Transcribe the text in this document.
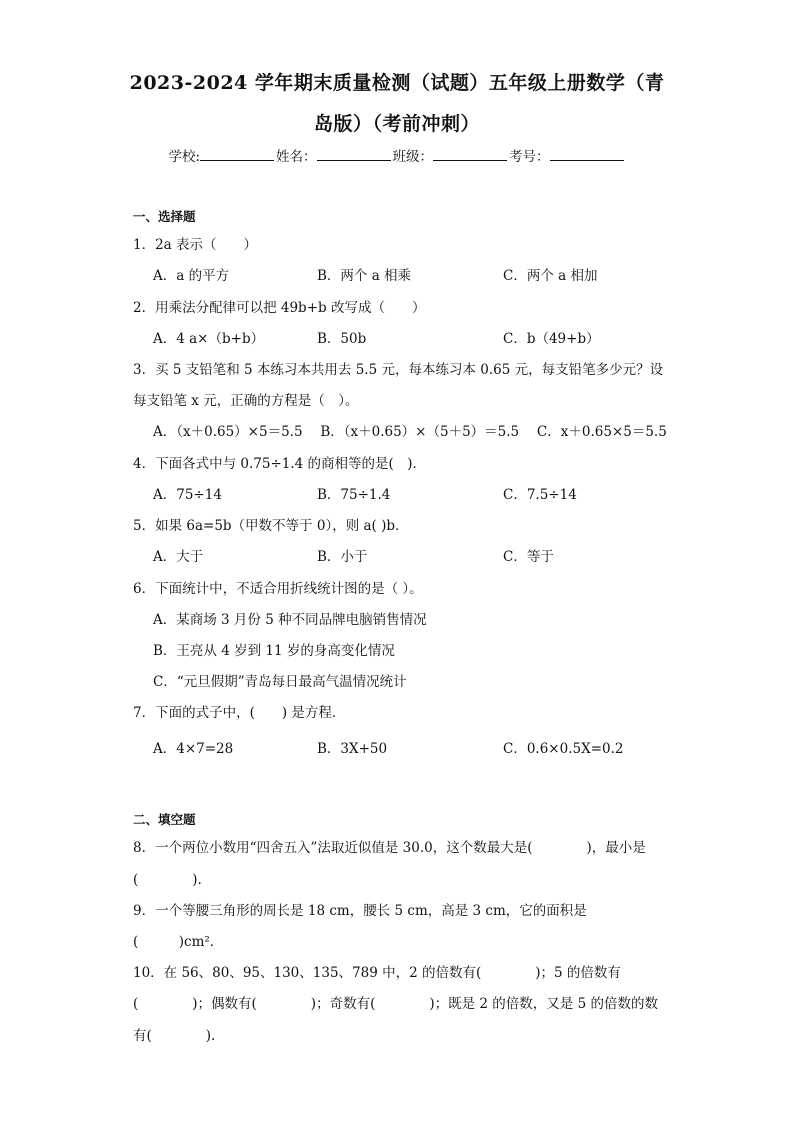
2023-2024 学年期末质量检测（试题）五年级上册数学（青
岛版）（考前冲刺）
学校:	姓名：	班级：	考号：
一、选择题
1．2a 表示（　　）
A．a 的平方	B．两个 a 相乘	C．两个 a 相加
2．用乘法分配律可以把 49b+b 改写成（　　）
A．4 a×（b+b）	B．50b	C．b（49+b）
3．买 5 支铅笔和 5 本练习本共用去 5.5 元，每本练习本 0.65 元，每支铅笔多少元？设
每支铅笔 x 元，正确的方程是（　）。
A．（x＋0.65）×5＝5.5　 B．（x＋0.65）×（5＋5）＝5.5　 C．x＋0.65×5＝5.5
4．下面各式中与 0.75÷1.4 的商相等的是(　)．
A．75÷14	B．75÷1.4	C．7.5÷14
5．如果 6a=5b（甲数不等于 0），则 a( )b．
A．大于	B．小于	C．等于
6．下面统计中，不适合用折线统计图的是（ ）。
A．某商场 3 月份 5 种不同品牌电脑销售情况
B．王亮从 4 岁到 11 岁的身高变化情况
C．“元旦假期”青岛每日最高气温情况统计
7．下面的式子中，(　　) 是方程．
A．4×7=28	B．3X+50	C．0.6×0.5X=0.2
二、填空题
8．一个两位小数用“四舍五入”法取近似值是 30.0，这个数最大是(　　　　)，最小是
(　　　　).
9．一个等腰三角形的周长是 18 cm，腰长 5 cm，高是 3 cm，它的面积是
(　　　)cm²．
10．在 56、80、95、130、135、789 中，2 的倍数有(　　　　)；5 的倍数有
(　　　　)；偶数有(　　　　)；奇数有(　　　　)；既是 2 的倍数，又是 5 的倍数的数
有(　　　　).
